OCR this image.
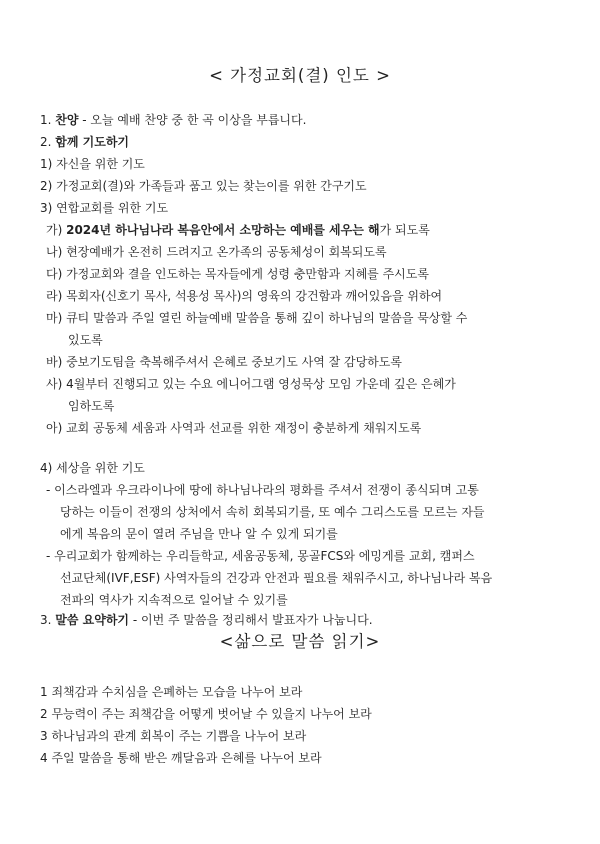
< 가정교회(결) 인도 >
1. 찬양 - 오늘 예배 찬양 중 한 곡 이상을 부릅니다.
2. 함께 기도하기
1) 자신을 위한 기도
2) 가정교회(결)와 가족들과 품고 있는 찾는이를 위한 간구기도
3) 연합교회를 위한 기도
가) 2024년 하나님나라 복음안에서 소망하는 예배를 세우는 해가 되도록
나) 현장예배가 온전히 드려지고 온가족의 공동체성이 회복되도록
다) 가정교회와 결을 인도하는 목자들에게 성령 충만함과 지혜를 주시도록
라) 목회자(신호기 목사, 석용성 목사)의 영육의 강건함과 깨어있음을 위하여
마) 큐티 말씀과 주일 열린 하늘예배 말씀을 통해 깊이 하나님의 말씀을 묵상할 수
있도록
바) 중보기도팀을 축복해주셔서 은혜로 중보기도 사역 잘 감당하도록
사) 4월부터 진행되고 있는 수요 에니어그램 영성묵상 모임 가운데 깊은 은혜가
임하도록
아) 교회 공동체 세움과 사역과 선교를 위한 재정이 충분하게 채워지도록
4) 세상을 위한 기도
- 이스라엘과 우크라이나에 땅에 하나님나라의 평화를 주셔서 전쟁이 종식되며 고통
당하는 이들이 전쟁의 상처에서 속히 회복되기를, 또 예수 그리스도를 모르는 자들
에게 복음의 문이 열려 주님을 만나 알 수 있게 되기를
- 우리교회가 함께하는 우리들학교, 세움공동체, 몽골FCS와 에밍게를 교회, 캠퍼스
선교단체(IVF,ESF) 사역자들의 건강과 안전과 필요를 채워주시고, 하나님나라 복음
전파의 역사가 지속적으로 일어날 수 있기를
3. 말씀 요약하기 - 이번 주 말씀을 정리해서 발표자가 나눕니다.
<삶으로 말씀 읽기>
1 죄책감과 수치심을 은폐하는 모습을 나누어 보라
2 무능력이 주는 죄책감을 어떻게 벗어날 수 있을지 나누어 보라
3 하나님과의 관계 회복이 주는 기쁨을 나누어 보라
4 주일 말씀을 통해 받은 깨달음과 은혜를 나누어 보라
